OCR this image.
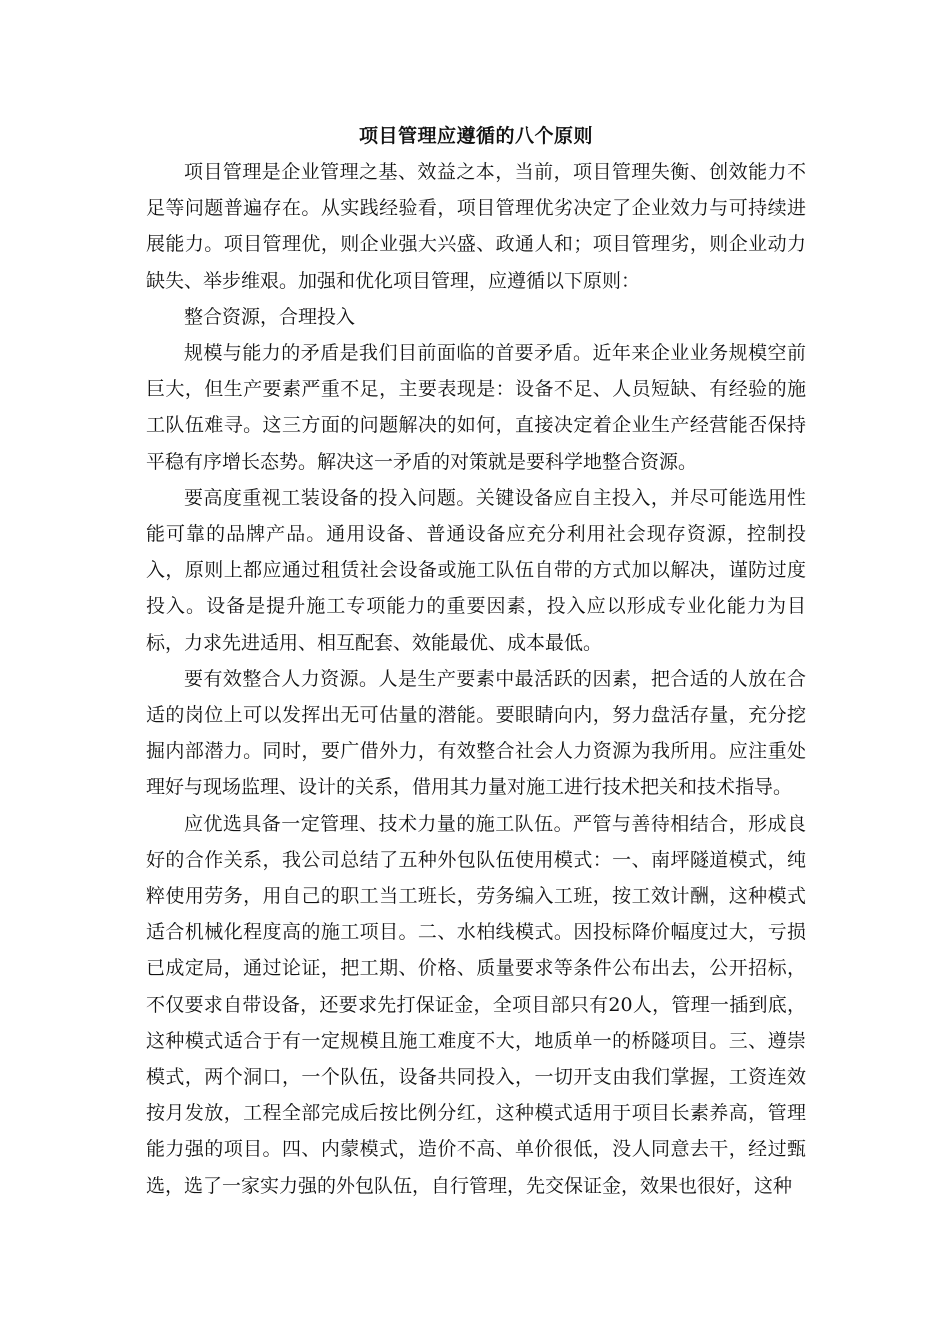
项目管理应遵循的八个原则

项目管理是企业管理之基、效益之本，当前，项目管理失衡、创效能力不足等问题普遍存在。从实践经验看，项目管理优劣决定了企业效力与可持续进展能力。项目管理优，则企业强大兴盛、政通人和；项目管理劣，则企业动力缺失、举步维艰。加强和优化项目管理，应遵循以下原则：

整合资源，合理投入

规模与能力的矛盾是我们目前面临的首要矛盾。近年来企业业务规模空前巨大，但生产要素严重不足，主要表现是：设备不足、人员短缺、有经验的施工队伍难寻。这三方面的问题解决的如何，直接决定着企业生产经营能否保持平稳有序增长态势。解决这一矛盾的对策就是要科学地整合资源。

要高度重视工装设备的投入问题。关键设备应自主投入，并尽可能选用性能可靠的品牌产品。通用设备、普通设备应充分利用社会现存资源，控制投入，原则上都应通过租赁社会设备或施工队伍自带的方式加以解决，谨防过度投入。设备是提升施工专项能力的重要因素，投入应以形成专业化能力为目标，力求先进适用、相互配套、效能最优、成本最低。

要有效整合人力资源。人是生产要素中最活跃的因素，把合适的人放在合适的岗位上可以发挥出无可估量的潜能。要眼睛向内，努力盘活存量，充分挖掘内部潜力。同时，要广借外力，有效整合社会人力资源为我所用。应注重处理好与现场监理、设计的关系，借用其力量对施工进行技术把关和技术指导。

应优选具备一定管理、技术力量的施工队伍。严管与善待相结合，形成良好的合作关系，我公司总结了五种外包队伍使用模式：一、南坪隧道模式，纯粹使用劳务，用自己的职工当工班长，劳务编入工班，按工效计酬，这种模式适合机械化程度高的施工项目。二、水柏线模式。因投标降价幅度过大，亏损已成定局，通过论证，把工期、价格、质量要求等条件公布出去，公开招标，不仅要求自带设备，还要求先打保证金，全项目部只有20人，管理一插到底，这种模式适合于有一定规模且施工难度不大，地质单一的桥隧项目。三、遵崇模式，两个洞口，一个队伍，设备共同投入，一切开支由我们掌握，工资连效按月发放，工程全部完成后按比例分红，这种模式适用于项目长素养高，管理能力强的项目。四、内蒙模式，造价不高、单价很低，没人同意去干，经过甄选，选了一家实力强的外包队伍，自行管理，先交保证金，效果也很好，这种
